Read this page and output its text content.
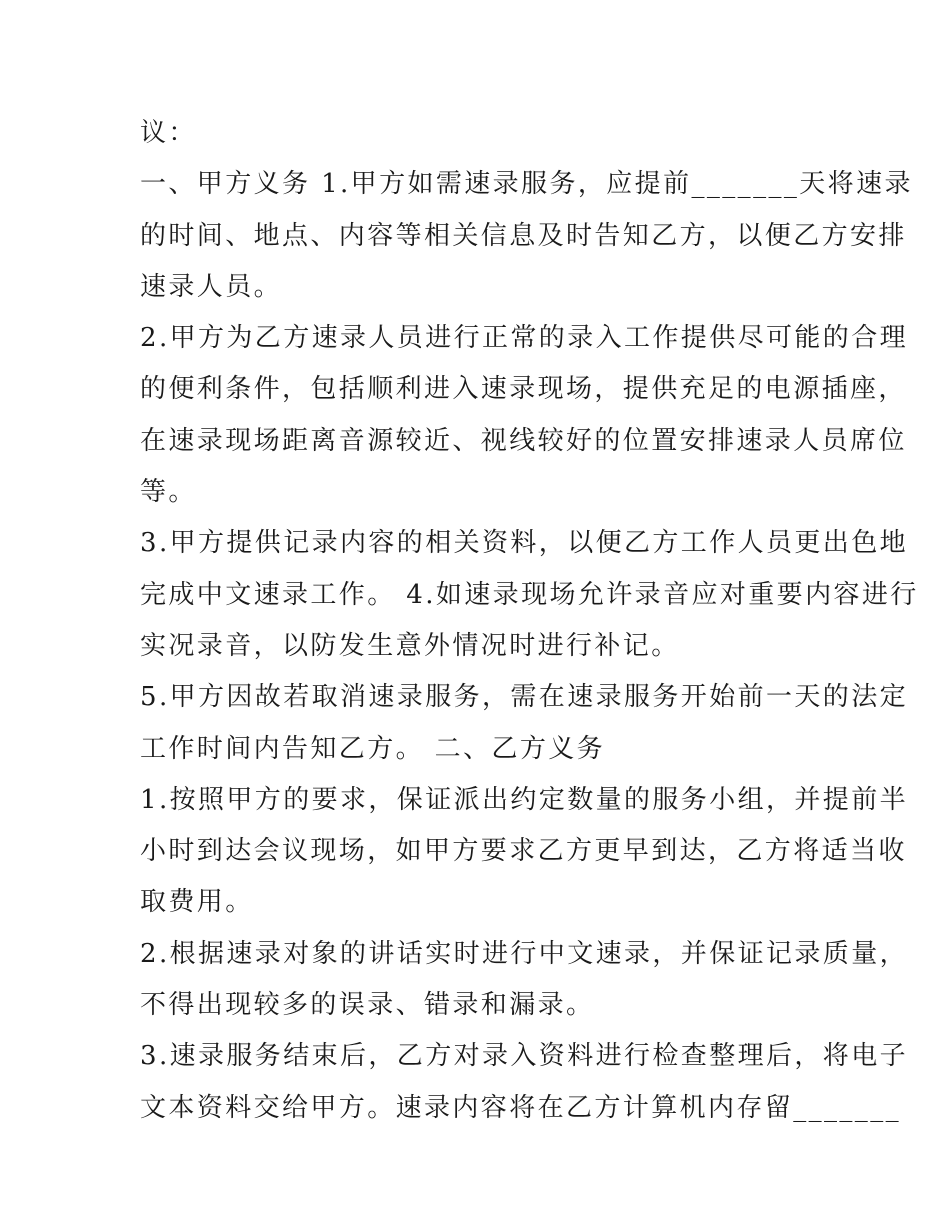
议：
一、甲方义务 1.甲方如需速录服务，应提前_______天将速录
的时间、地点、内容等相关信息及时告知乙方，以便乙方安排
速录人员。
2.甲方为乙方速录人员进行正常的录入工作提供尽可能的合理
的便利条件，包括顺利进入速录现场，提供充足的电源插座，
在速录现场距离音源较近、视线较好的位置安排速录人员席位
等。
3.甲方提供记录内容的相关资料，以便乙方工作人员更出色地
完成中文速录工作。 4.如速录现场允许录音应对重要内容进行
实况录音，以防发生意外情况时进行补记。
5.甲方因故若取消速录服务，需在速录服务开始前一天的法定
工作时间内告知乙方。 二、乙方义务
1.按照甲方的要求，保证派出约定数量的服务小组，并提前半
小时到达会议现场，如甲方要求乙方更早到达，乙方将适当收
取费用。
2.根据速录对象的讲话实时进行中文速录，并保证记录质量，
不得出现较多的误录、错录和漏录。
3.速录服务结束后，乙方对录入资料进行检查整理后，将电子
文本资料交给甲方。速录内容将在乙方计算机内存留_______
